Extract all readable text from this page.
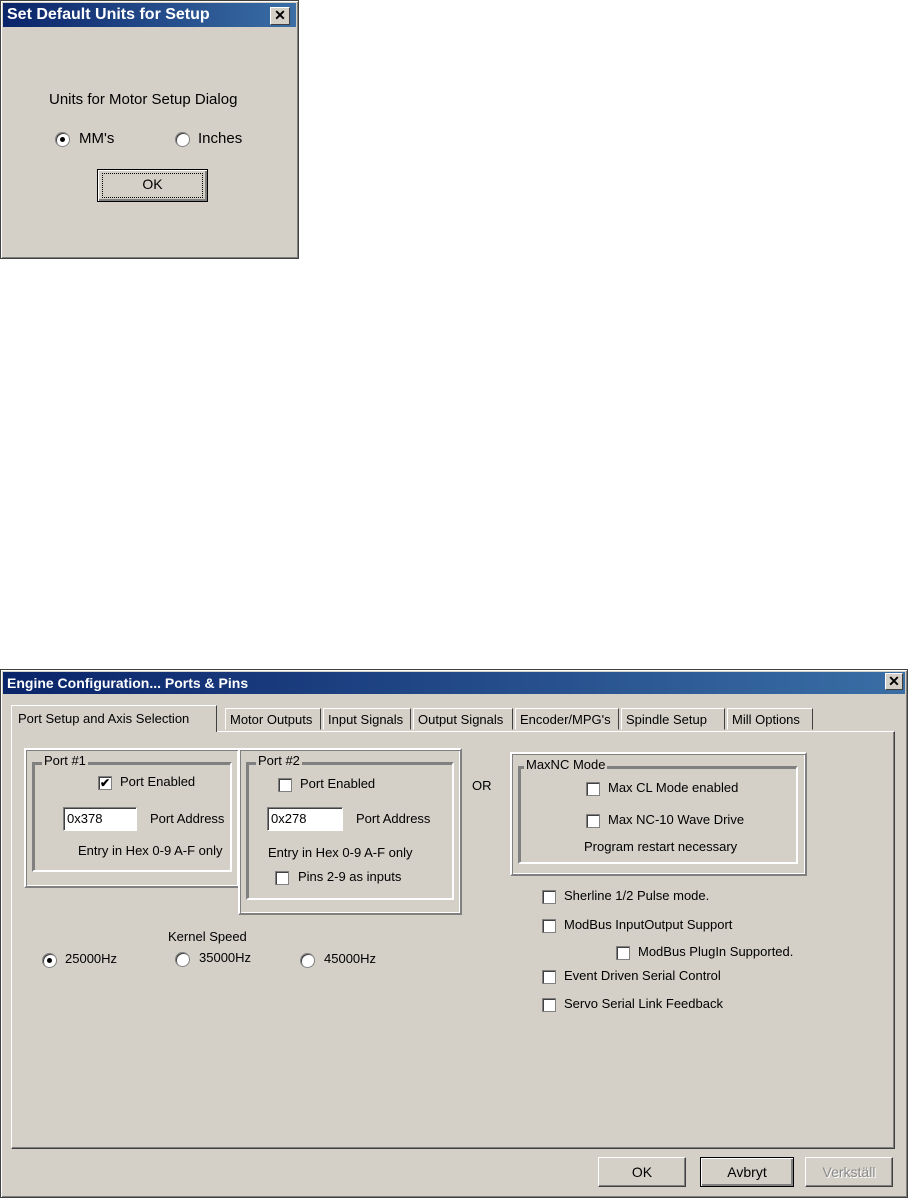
Set Default Units for Setup	✕
Units for Motor Setup Dialog
MM's	Inches
OK
Engine Configuration... Ports & Pins	✕
Port Setup and Axis Selection	Motor Outputs	Input Signals	Output Signals	Encoder/MPG's	Spindle Setup	Mill Options
Port #1
✔ Port Enabled
0x378	Port Address
Entry in Hex 0-9 A-F only
Port #2
Port Enabled
0x278	Port Address
Entry in Hex 0-9 A-F only
Pins 2-9 as inputs
OR
MaxNC Mode
Max CL Mode enabled
Max NC-10 Wave Drive
Program restart necessary
Sherline 1/2 Pulse mode.
ModBus InputOutput Support
ModBus PlugIn Supported.
Event Driven Serial Control
Servo Serial Link Feedback
Kernel Speed
25000Hz	35000Hz	45000Hz
OK	Avbryt	Verkställ
